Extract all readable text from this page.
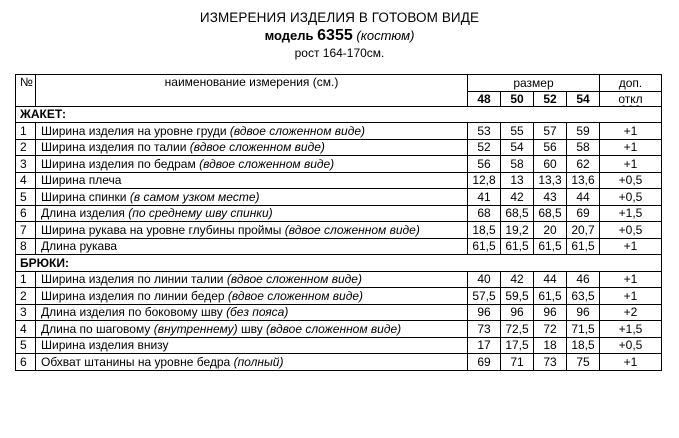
ИЗМЕРЕНИЯ ИЗДЕЛИЯ В ГОТОВОМ ВИДЕ
модель 6355 (костюм)
рост 164-170см.
№	наименование измерения (см.)	размер				доп.
		48	50	52	54	откл
ЖАКЕТ:						
1	Ширина изделия на уровне груди (вдвое сложенном виде)	53	55	57	59	+1
2	Ширина изделия по талии (вдвое сложенном виде)	52	54	56	58	+1
3	Ширина изделия по бедрам (вдвое сложенном виде)	56	58	60	62	+1
4	Ширина плеча	12,8	13	13,3	13,6	+0,5
5	Ширина спинки (в самом узком месте)	41	42	43	44	+0,5
6	Длина изделия (по среднему шву спинки)	68	68,5	68,5	69	+1,5
7	Ширина рукава на уровне глубины проймы (вдвое сложенном виде)	18,5	19,2	20	20,7	+0,5
8	Длина рукава	61,5	61,5	61,5	61,5	+1
БРЮКИ:						
1	Ширина изделия по линии талии (вдвое сложенном виде)	40	42	44	46	+1
2	Ширина изделия по линии бедер (вдвое сложенном виде)	57,5	59,5	61,5	63,5	+1
3	Длина изделия по боковому шву (без пояса)	96	96	96	96	+2
4	Длина по шаговому (внутреннему) шву (вдвое сложенном виде)	73	72,5	72	71,5	+1,5
5	Ширина изделия внизу	17	17,5	18	18,5	+0,5
6	Обхват штанины на уровне бедра (полный)	69	71	73	75	+1
